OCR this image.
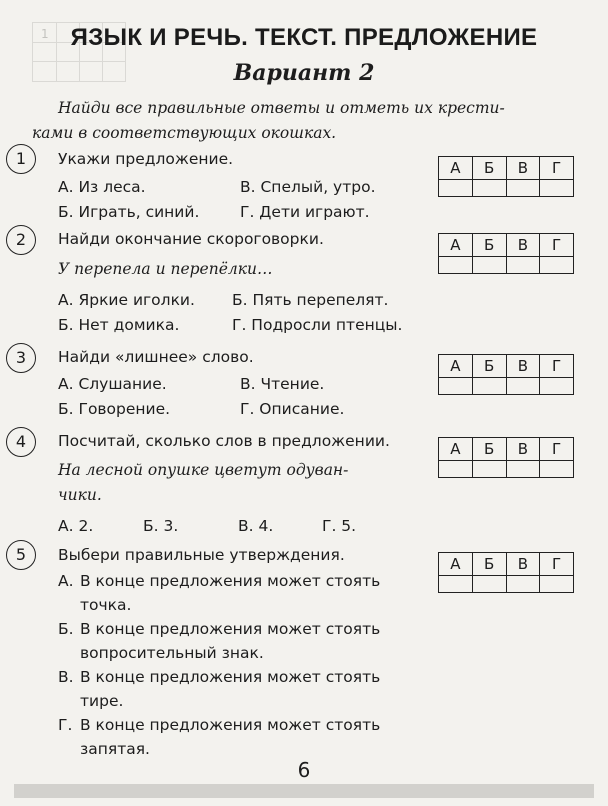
1 ЯЗЫК И РЕЧЬ. ТЕКСТ. ПРЕДЛОЖЕНИЕ
Вариант 2
Найди все правильные ответы и отметь их крести-
ками в соответствующих окошках.
1	Укажи предложение.
А. Из леса.
Б. Играть, синий.
В. Спелый, утро.
Г. Дети играют.
А	Б	В	Г

2	Найди окончание скороговорки.
У перепела и перепёлки…
А. Яркие иголки.
Б. Нет домика.
Б. Пять перепелят.
Г. Подросли птенцы.
А	Б	В	Г

3	Найди «лишнее» слово.
А. Слушание.
Б. Говорение.
В. Чтение.
Г. Описание.
А	Б	В	Г

4	Посчитай, сколько слов в предложении.
На лесной опушке цветут одуван-
чики.
А. 2.	Б. 3.	В. 4.	Г. 5.
А	Б	В	Г

5	Выбери правильные утверждения.
А. В конце предложения может стоять
точка.
Б. В конце предложения может стоять
вопросительный знак.
В. В конце предложения может стоять
тире.
Г. В конце предложения может стоять
запятая.
А	Б	В	Г

6
